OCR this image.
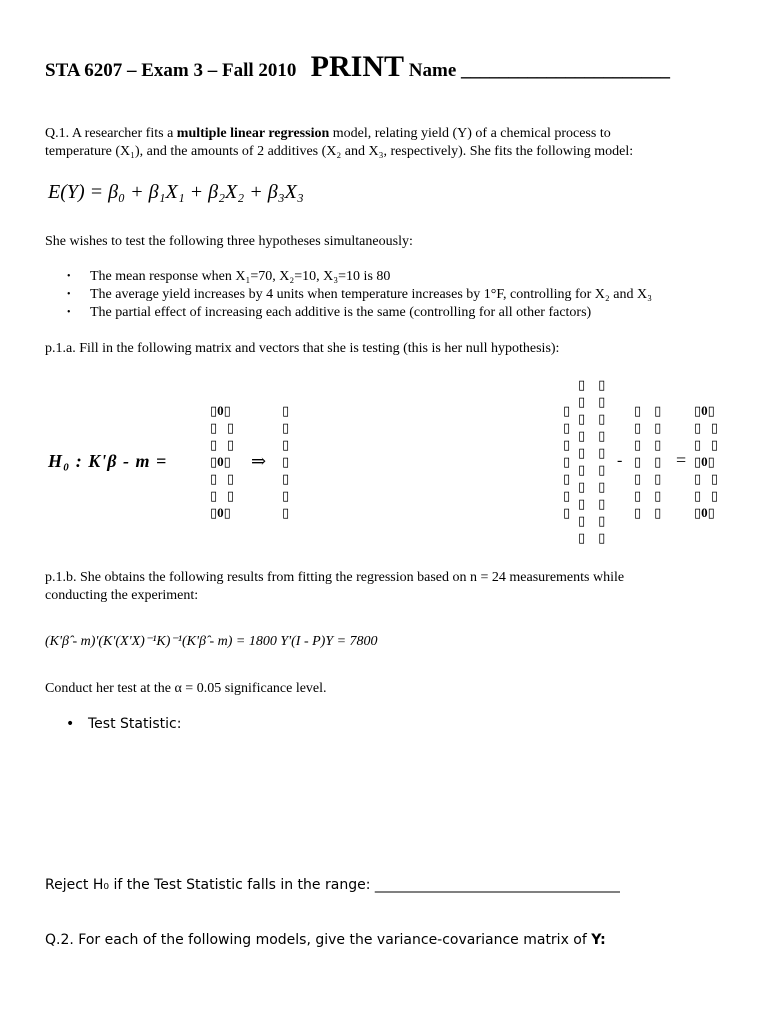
STA 6207 – Exam 3 – Fall 2010 PRINT Name ______________________
Q.1. A researcher fits a multiple linear regression model, relating yield (Y) of a chemical process to
temperature (X₁), and the amounts of 2 additives (X₂ and X₃, respectively). She fits the following model:
E(Y) = β₀ + β₁X₁ + β₂X₂ + β₃X₃
She wishes to test the following three hypotheses simultaneously:
• The mean response when X₁=70, X₂=10, X₃=10 is 80
• The average yield increases by 4 units when temperature increases by 1°F, controlling for X₂ and X₃
• The partial effect of increasing each additive is the same (controlling for all other factors)
p.1.a. Fill in the following matrix and vectors that she is testing (this is her null hypothesis):
H₀ : K'β - m =
▯0▯
▯ ▯
▯ ▯
▯0▯
▯ ▯
▯ ▯
▯0▯
⇒
▯
▯
▯
▯
▯
▯
▯
▯
▯
▯
▯
▯
▯
▯
▯ ▯
▯ ▯
▯ ▯
▯ ▯
▯ ▯
▯ ▯
▯ ▯
▯ ▯
▯ ▯
▯ ▯
-
▯ ▯
▯ ▯
▯ ▯
▯ ▯
▯ ▯
▯ ▯
▯ ▯
=
▯0▯
▯ ▯
▯ ▯
▯0▯
▯ ▯
▯ ▯
▯0▯
p.1.b. She obtains the following results from fitting the regression based on n = 24 measurements while
conducting the experiment:
(K'β̂ - m)'(K'(X'X)⁻¹K)⁻¹(K'β̂ - m) = 1800 Y'(I - P)Y = 7800
Conduct her test at the α = 0.05 significance level.
• Test Statistic:
Reject H₀ if the Test Statistic falls in the range: ___________________________________
Q.2. For each of the following models, give the variance-covariance matrix of Y:
